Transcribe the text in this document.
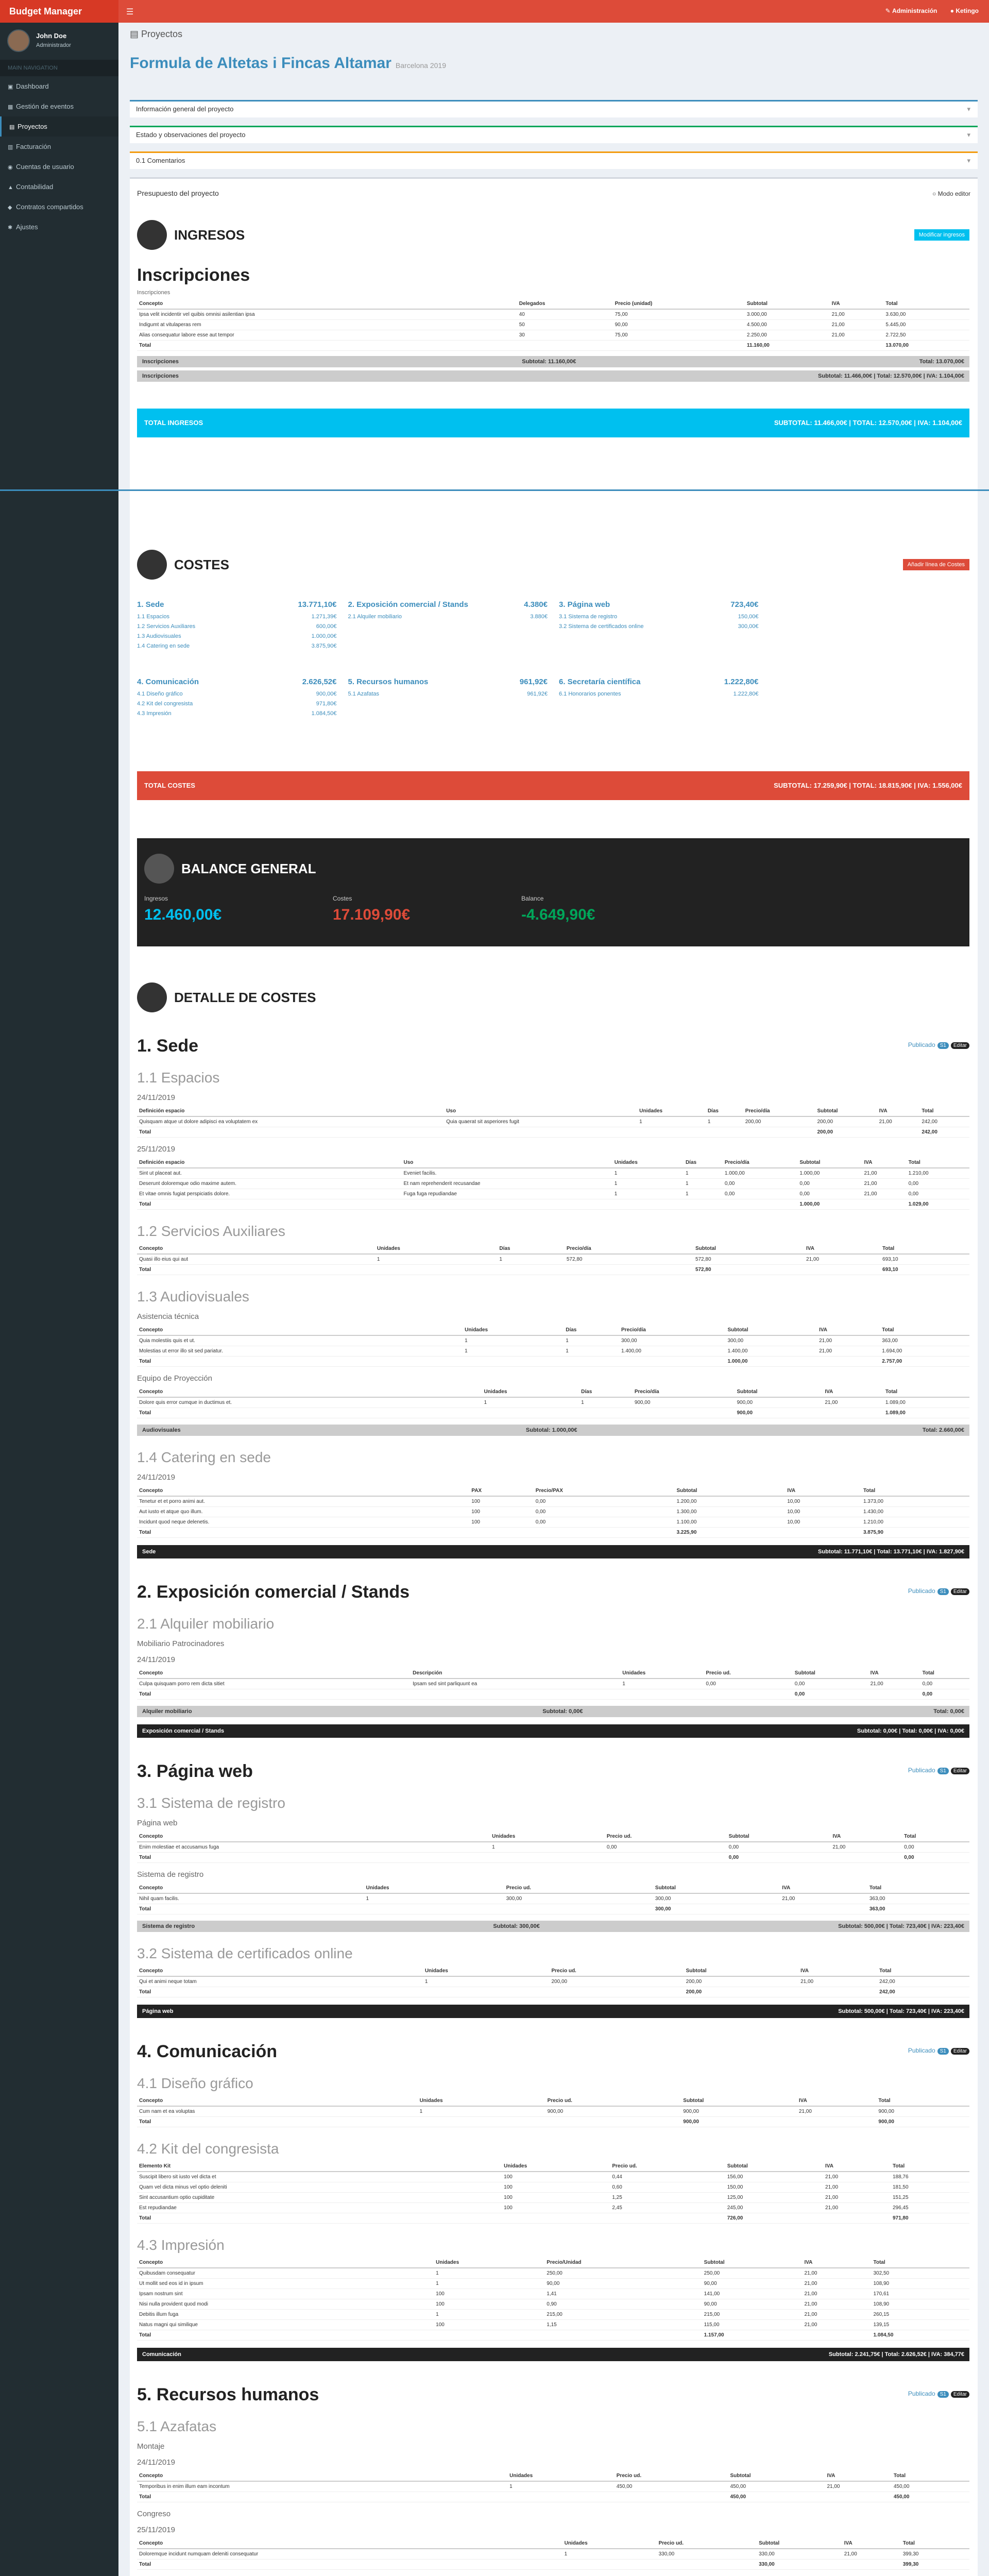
Budget Manager	☰	✎ Administración ● Ketingo
John Doe
Administrador
MAIN NAVIGATION
▣ Dashboard
▦ Gestión de eventos
▤ Proyectos
▥ Facturación
◉ Cuentas de usuario
▲ Contabilidad
◆ Contratos compartidos
✱ Ajustes
▤ Proyectos
Formula de Altetas i Fincas Altamar Barcelona 2019
Información general del proyecto	▾
Estado y observaciones del proyecto	▾
0.1 Comentarios	▾
Presupuesto del proyecto	○ Modo editor
INGRESOS	Modificar ingresos
Inscripciones
Inscripciones
Concepto	Delegados	Precio (unidad)	Subtotal	IVA	Total
Ipsa velit incidentir vel quibis omnisi asilentian ipsa	40	75,00	3.000,00	21,00	3.630,00
Indigumt at vitulaperas rem	50	90,00	4.500,00	21,00	5.445,00
Alias consequatur labore esse aut tempor	30	75,00	2.250,00	21,00	2.722,50
Total			11.160,00		13.070,00
Inscripciones	Subtotal: 11.160,00€	Total: 13.070,00€
Inscripciones	Subtotal: 11.466,00€ | Total: 12.570,00€ | IVA: 1.104,00€
TOTAL INGRESOS	SUBTOTAL: 11.466,00€ | TOTAL: 12.570,00€ | IVA: 1.104,00€
COSTES	Añadir línea de Costes
1. Sede	13.771,10€
1.1 Espacios	1.271,39€
1.2 Servicios Auxiliares	600,00€
1.3 Audiovisuales	1.000,00€
1.4 Catering en sede	3.875,90€
2. Exposición comercial / Stands	4.380€
2.1 Alquiler mobiliario	3.880€
3. Página web	723,40€
3.1 Sistema de registro	150,00€
3.2 Sistema de certificados online	300,00€
4. Comunicación	2.626,52€
4.1 Diseño gráfico	900,00€
4.2 Kit del congresista	971,80€
4.3 Impresión	1.084,50€
5. Recursos humanos	961,92€
5.1 Azafatas	961,92€
6. Secretaría científica	1.222,80€
6.1 Honorarios ponentes	1.222,80€
TOTAL COSTES	SUBTOTAL: 17.259,90€ | TOTAL: 18.815,90€ | IVA: 1.556,00€
BALANCE GENERAL
Ingresos
12.460,00€
Costes
17.109,90€
Balance
-4.649,90€
DETALLE DE COSTES
1. Sede	Publicado S1 Editar
1.1 Espacios
24/11/2019
Definición espacio	Uso	Unidades	Días	Precio/día	Subtotal	IVA	Total
Quisquam atque ut dolore adipisci ea voluptatem ex	Quia quaerat sit asperiores fugit	1	1	200,00	200,00	21,00	242,00
Total					200,00		242,00
25/11/2019
Definición espacio	Uso	Unidades	Días	Precio/día	Subtotal	IVA	Total
Sint ut placeat aut.	Eveniet facilis.	1	1	1.000,00	1.000,00	21,00	1.210,00
Deserunt doloremque odio maxime autem.	Et nam reprehenderit recusandae	1	1	0,00	0,00	21,00	0,00
Et vitae omnis fugiat perspiciatis dolore.	Fuga fuga repudiandae	1	1	0,00	0,00	21,00	0,00
Total					1.000,00		1.029,00
1.2 Servicios Auxiliares
Concepto	Unidades	Días	Precio/día	Subtotal	IVA	Total
Quasi illo eius qui aut	1	1	572,80	572,80	21,00	693,10
Total				572,80		693,10
1.3 Audiovisuales
Asistencia técnica
Concepto	Unidades	Días	Precio/día	Subtotal	IVA	Total
Quia molestiis quis et ut.	1	1	300,00	300,00	21,00	363,00
Molestias ut error illo sit sed pariatur.	1	1	1.400,00	1.400,00	21,00	1.694,00
Total				1.000,00		2.757,00
Equipo de Proyección
Concepto	Unidades	Días	Precio/día	Subtotal	IVA	Total
Dolore quis error cumque in ductimus et.	1	1	900,00	900,00	21,00	1.089,00
Total				900,00		1.089,00
Audiovisuales	Subtotal: 1.000,00€	Total: 2.660,00€
1.4 Catering en sede
24/11/2019
Concepto	PAX	Precio/PAX	Subtotal	IVA	Total
Tenetur et et porro animi aut.	100	0,00	1.200,00	10,00	1.373,00
Aut iusto et atque quo illum.	100	0,00	1.300,00	10,00	1.430,00
Incidunt quod neque delenetis.	100	0,00	1.100,00	10,00	1.210,00
Total			3.225,90		3.875,90
Sede	Subtotal: 11.771,10€ | Total: 13.771,10€ | IVA: 1.827,90€
2. Exposición comercial / Stands	Publicado S1 Editar
2.1 Alquiler mobiliario
Mobiliario Patrocinadores
24/11/2019
Concepto	Descripción	Unidades	Precio ud.	Subtotal	IVA	Total
Culpa quisquam porro rem dicta sitiet	Ipsam sed sint parliquunt ea	1	0,00	0,00	21,00	0,00
Total				0,00		0,00
Alquiler mobiliario	Subtotal: 0,00€	Total: 0,00€
Exposición comercial / Stands	Subtotal: 0,00€ | Total: 0,00€ | IVA: 0,00€
3. Página web	Publicado S1 Editar
3.1 Sistema de registro
Página web
Concepto	Unidades	Precio ud.	Subtotal	IVA	Total
Enim molestiae et accusamus fuga	1	0,00	0,00	21,00	0,00
Total			0,00		0,00
Sistema de registro
Concepto	Unidades	Precio ud.	Subtotal	IVA	Total
Nihil quam facilis.	1	300,00	300,00	21,00	363,00
Total			300,00		363,00
Sistema de registro	Subtotal: 300,00€	Subtotal: 500,00€ | Total: 723,40€ | IVA: 223,40€
3.2 Sistema de certificados online
Concepto	Unidades	Precio ud.	Subtotal	IVA	Total
Qui et animi neque totam	1	200,00	200,00	21,00	242,00
Total			200,00		242,00
Página web	Subtotal: 500,00€ | Total: 723,40€ | IVA: 223,40€
4. Comunicación	Publicado S1 Editar
4.1 Diseño gráfico
Concepto	Unidades	Precio ud.	Subtotal	IVA	Total
Cum nam et ea voluptas	1	900,00	900,00	21,00	900,00
Total			900,00		900,00
4.2 Kit del congresista
Elemento Kit	Unidades	Precio ud.	Subtotal	IVA	Total
Suscipit libero sit iusto vel dicta et	100	0,44	156,00	21,00	188,76
Quam vel dicta minus vel optio deleniti	100	0,60	150,00	21,00	181,50
Sint accusantium optio cupiditate	100	1,25	125,00	21,00	151,25
Est repudiandae	100	2,45	245,00	21,00	296,45
Total			726,00		971,80
4.3 Impresión
Concepto	Unidades	Precio/Unidad	Subtotal	IVA	Total
Quibusdam consequatur	1	250,00	250,00	21,00	302,50
Ut mollit sed eos id in ipsum	1	90,00	90,00	21,00	108,90
Ipsam nostrum sint	100	1,41	141,00	21,00	170,61
Nisi nulla provident quod modi	100	0,90	90,00	21,00	108,90
Debitis illum fuga	1	215,00	215,00	21,00	260,15
Natus magni qui similique	100	1,15	115,00	21,00	139,15
Total			1.157,00		1.084,50
Comunicación	Subtotal: 2.241,75€ | Total: 2.626,52€ | IVA: 384,77€
5. Recursos humanos	Publicado S1 Editar
5.1 Azafatas
Montaje
24/11/2019
Concepto	Unidades	Precio ud.	Subtotal	IVA	Total
Temporibus in enim illum eam incontum	1	450,00	450,00	21,00	450,00
Total			450,00		450,00
Congreso
25/11/2019
Concepto	Unidades	Precio ud.	Subtotal	IVA	Total
Doloremque incidunt numquam deleniti consequatur	1	330,00	330,00	21,00	399,30
Total			330,00		399,30
